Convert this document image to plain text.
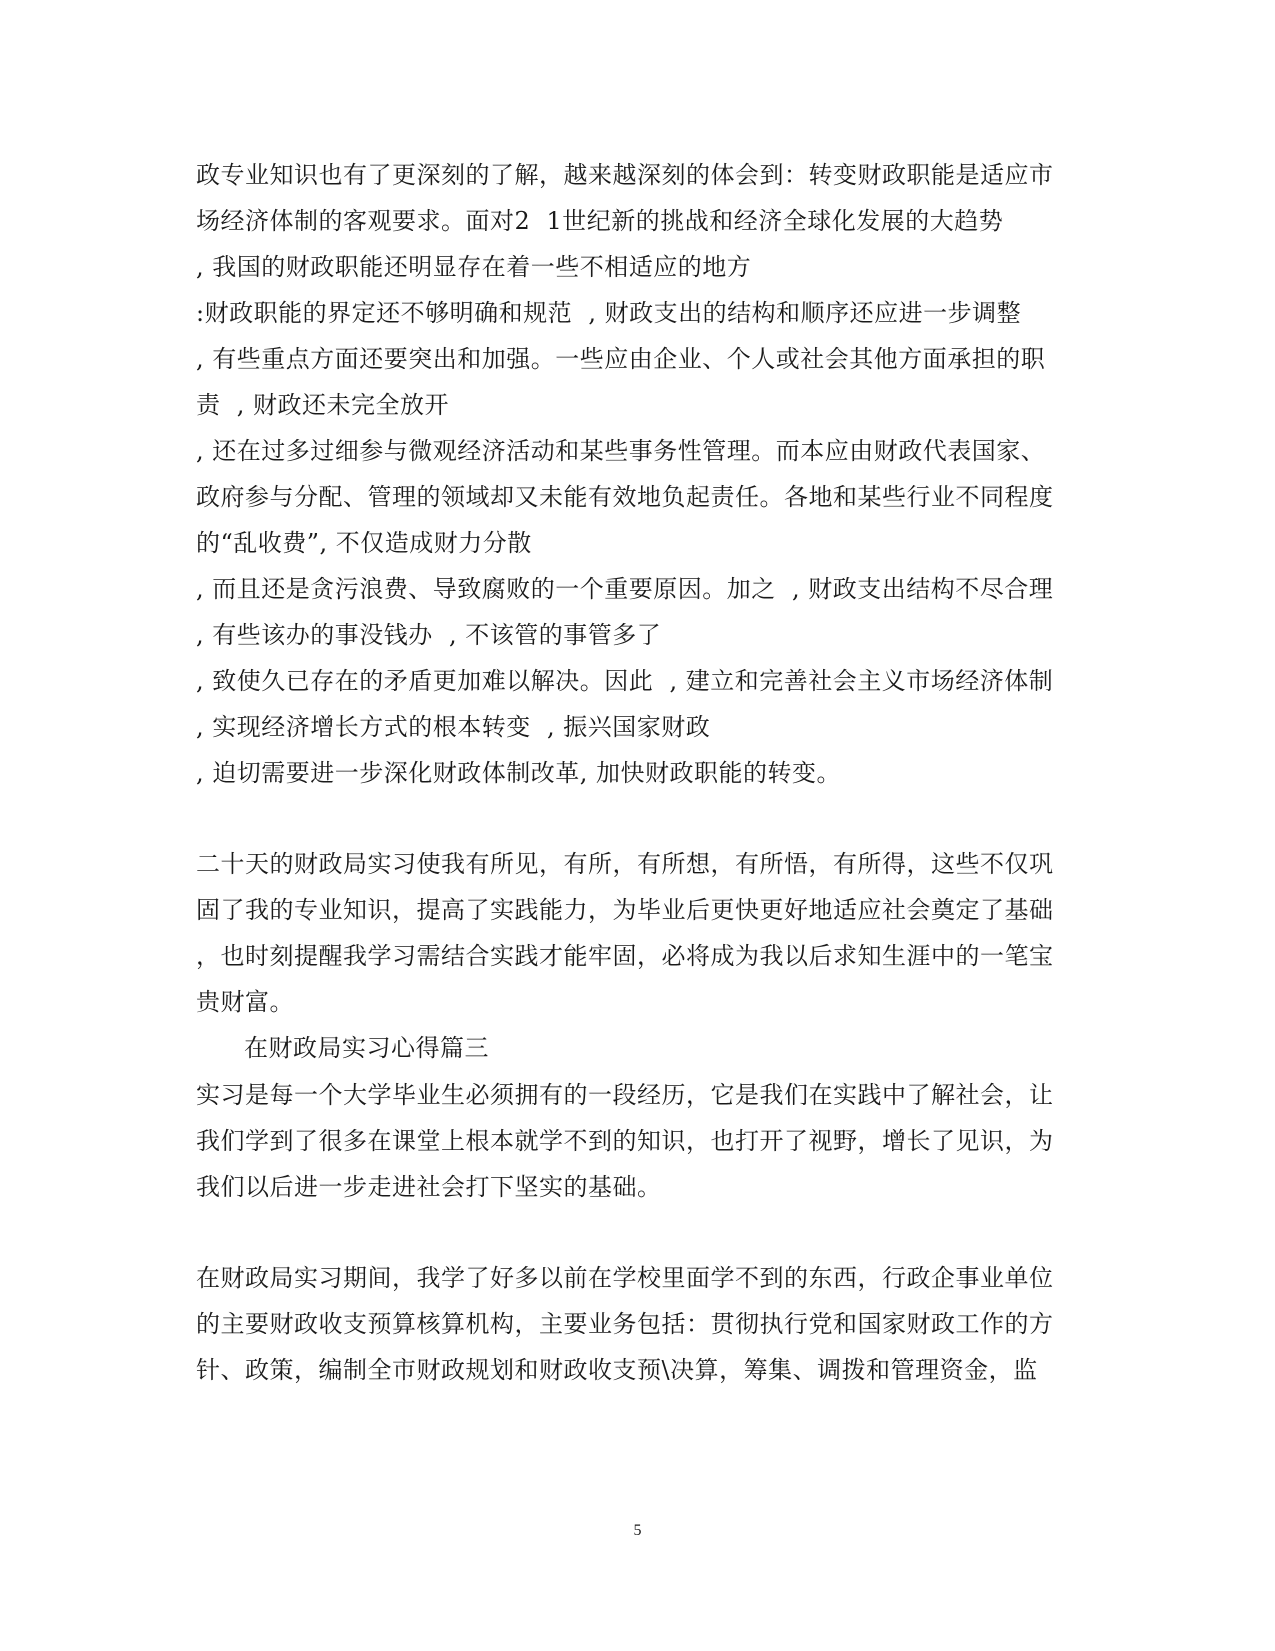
政专业知识也有了更深刻的了解，越来越深刻的体会到：转变财政职能是适应市
场经济体制的客观要求。面对2  1世纪新的挑战和经济全球化发展的大趋势
, 我国的财政职能还明显存在着一些不相适应的地方
:财政职能的界定还不够明确和规范  , 财政支出的结构和顺序还应进一步调整
, 有些重点方面还要突出和加强。一些应由企业、个人或社会其他方面承担的职
责  , 财政还未完全放开
, 还在过多过细参与微观经济活动和某些事务性管理。而本应由财政代表国家、
政府参与分配、管理的领域却又未能有效地负起责任。各地和某些行业不同程度
的“乱收费”, 不仅造成财力分散
, 而且还是贪污浪费、导致腐败的一个重要原因。加之  , 财政支出结构不尽合理
, 有些该办的事没钱办  , 不该管的事管多了
, 致使久已存在的矛盾更加难以解决。因此  , 建立和完善社会主义市场经济体制
, 实现经济增长方式的根本转变  , 振兴国家财政
, 迫切需要进一步深化财政体制改革, 加快财政职能的转变。
二十天的财政局实习使我有所见，有所，有所想，有所悟，有所得，这些不仅巩
固了我的专业知识，提高了实践能力，为毕业后更快更好地适应社会奠定了基础
，也时刻提醒我学习需结合实践才能牢固，必将成为我以后求知生涯中的一笔宝
贵财富。
在财政局实习心得篇三
实习是每一个大学毕业生必须拥有的一段经历，它是我们在实践中了解社会，让
我们学到了很多在课堂上根本就学不到的知识，也打开了视野，增长了见识，为
我们以后进一步走进社会打下坚实的基础。
在财政局实习期间，我学了好多以前在学校里面学不到的东西，行政企事业单位
的主要财政收支预算核算机构，主要业务包括：贯彻执行党和国家财政工作的方
针、政策，编制全市财政规划和财政收支预\决算，筹集、调拨和管理资金，监
5
